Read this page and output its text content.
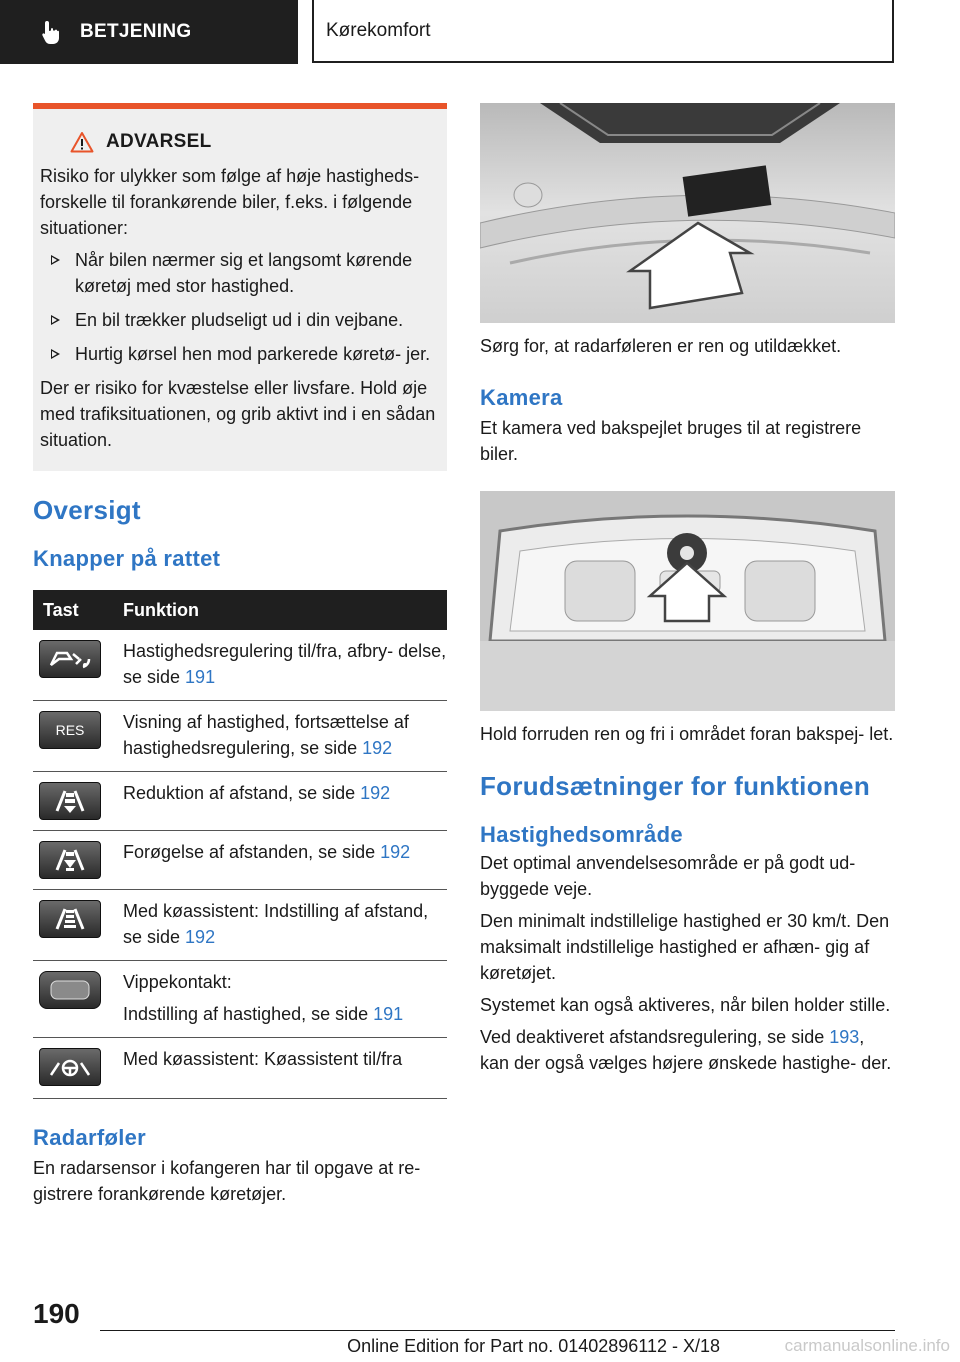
BETJENING	Kørekomfort
ADVARSEL

Risiko for ulykker som følge af høje hastigheds- forskelle til forankørende biler, f.eks. i følgende situationer:

Når bilen nærmer sig et langsomt kørende køretøj med stor hastighed.
En bil trækker pludseligt ud i din vejbane.
Hurtig kørsel hen mod parkerede køretø- jer.

Der er risiko for kvæstelse eller livsfare. Hold øje med trafiksituationen, og grib aktivt ind i en sådan situation.

Oversigt
Knapper på rattet
Tast	Funktion

	Hastighedsregulering til/fra, afbry- delse, se side 191

RES	Visning af hastighed, fortsættelse af hastighedsregulering, se side 192

	Reduktion af afstand, se side 192

	Forøgelse af afstanden, se side 192

	Med køassistent: Indstilling af afstand, se side 192

Vippekontakt:
Indstilling af hastighed, se side 191

	Med køassistent: Køassistent til/fra
Radarføler

En radarsensor i kofangeren har til opgave at re- gistrere forankørende køretøjer.

Sørg for, at radarføleren er ren og utildækket.

Kamera

Et kamera ved bakspejlet bruges til at registrere biler.

Hold forruden ren og fri i området foran bakspej- let.

Forudsætninger for funktionen
Hastighedsområde

Det optimal anvendelsesområde er på godt ud- byggede veje.

Den minimalt indstillelige hastighed er 30 km/t. Den maksimalt indstillelige hastighed er afhæn- gig af køretøjet.

Systemet kan også aktiveres, når bilen holder stille.

Ved deaktiveret afstandsregulering, se side 193, kan der også vælges højere ønskede hastighe- der.

190
Online Edition for Part no. 01402896112 - X/18	carmanualsonline.info
